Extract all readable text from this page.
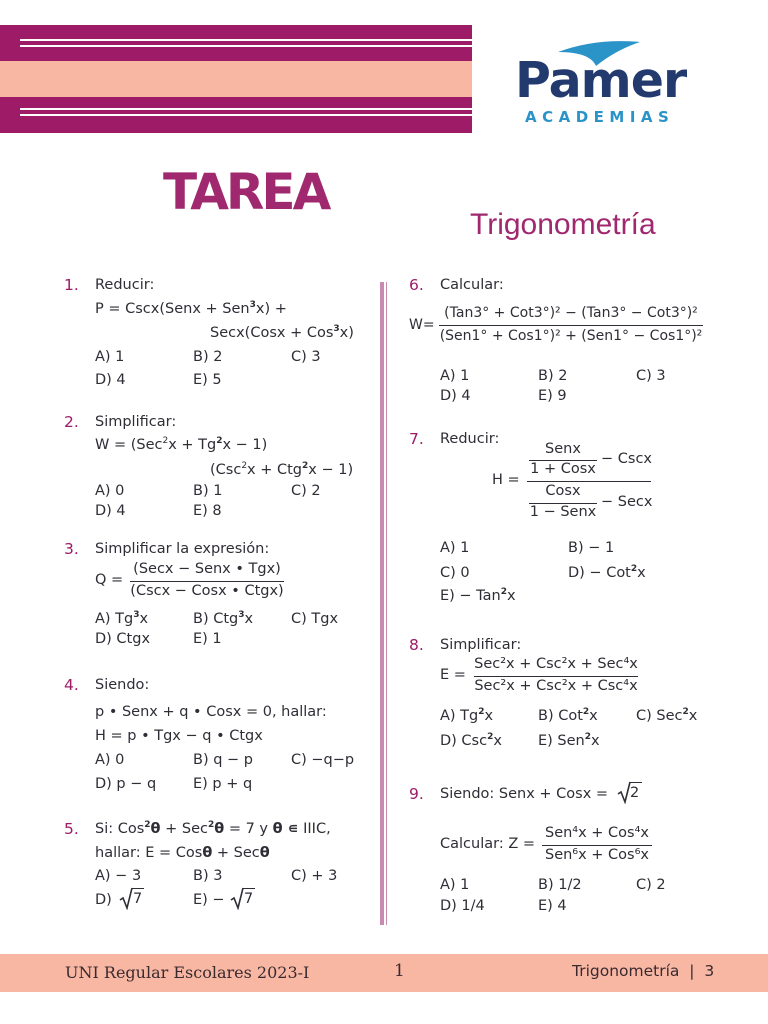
Pamer
ACADEMIAS
TAREA
Trigonometría
1. Reducir:
P = Cscx(Senx + Sen$^3$x) +
Secx(Cosx + Cos$^3$x)
A) 1	B) 2	C) 3
D) 4	E) 5
2. Simplificar:
$W = (Sec^2x + Tg^2x - 1)$
(Csc$^2$x + Ctg$^2$x − 1)
A) 0	B) 1	C) 2
D) 4	E) 8
3. Simplificar la expresión:
Q =
(Secx − Senx • Tgx)
(Cscx − Cosx • Ctgx)
A) Tg$^3$x	B) Ctg$^3$x	C) Tgx
D) Ctgx	E) 1
4. Siendo:
p • Senx + q • Cosx = 0, hallar:
H = p • Tgx − q • Ctgx
A) 0	B) q − p	C) −q−p
D) p − q	E) p + q
5. Si: Cos$^2$θ + Sec$^2$θ = 7 y θ ∊ IIIC,
hallar: E = Cosθ + Secθ
A) − 3	B) 3	C) + 3
D) 7	E) − 7
6. Calcular:
W=
(Tan3° + Cot3°)² − (Tan3° − Cot3°)²
(Sen1° + Cos1°)² + (Sen1° − Cos1°)²
A) 1	B) 2	C) 3
D) 4	E) 9
7. Reducir:
H =
Senx
1 + Cosx
− Cscx
Cosx
1 − Senx
− Secx
A) 1	B) − 1
C) 0	D) − Cot$^2$x
E) − Tan$^2$x
8. Simplificar:
E =
Sec²x + Csc²x + Sec⁴x
Sec²x + Csc²x + Csc⁴x
A) Tg$^2$x	B) Cot$^2$x	C) Sec$^2$x
D) Csc$^2$x E) Sen$^2$x
9. Siendo: Senx + Cosx = 2
Calcular: Z =
Sen⁴x + Cos⁴x
Sen⁶x + Cos⁶x
A) 1	B) 1/2	C) 2
D) 1/4	E) 4
UNI Regular Escolares 2023-I	1	Trigonometría  |  3
